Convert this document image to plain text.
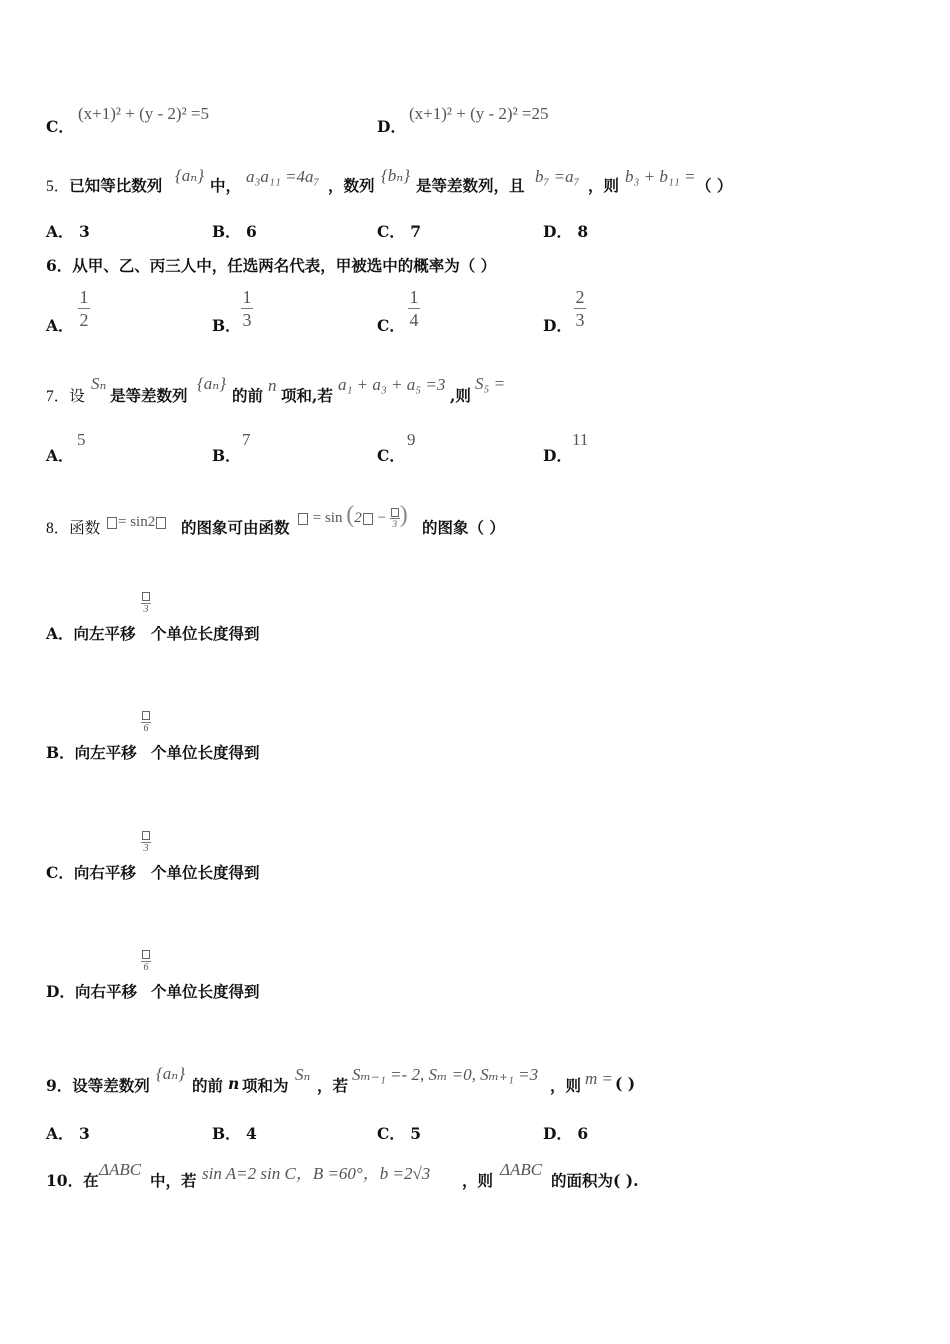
C．
(x+1)² + (y - 2)² =5
D．
(x+1)² + (y - 2)² =25
5．已知等比数列
{aₙ}
中， a₃a₁₁ =4a₇ ，数列
{bₙ}
是等差数列，且 b₇ =a₇ ，则 b₃ + b₁₁ = （ ）
A． 3	B． 6	C． 7	D． 8
6．从甲、乙、丙三人中，任选两名代表，甲被选中的概率为（ ）
A．
1
2	B．
1
3	C．
1
4	D．
2
3
7．设
Sₙ
是等差数列
{aₙ}
的前
n
项和,若
a₁ + a₃ + a₅ =3
,则
S₅ =
A．
5
B．
7
C．
9
D．
11
8．函数	= sin2	的图象可由函数	= sin (2 − 3 ) 的图象（ ）
3
A．向左平移 个单位长度得到
6
B．向左平移 个单位长度得到
3
C．向右平移 个单位长度得到
6
D．向右平移 个单位长度得到
9．设等差数列
{aₙ}
的前 n 项和为
Sₙ
，若
Sₘ₋₁ =- 2, Sₘ =0, Sₘ₊₁ =3
，则 m = ( )
A． 3	B． 4	C． 5	D． 6
10．在
ΔABC
中，若 sin A=2 sin C，B =60°，b =2√3 ，则
ΔABC
的面积为( ).
